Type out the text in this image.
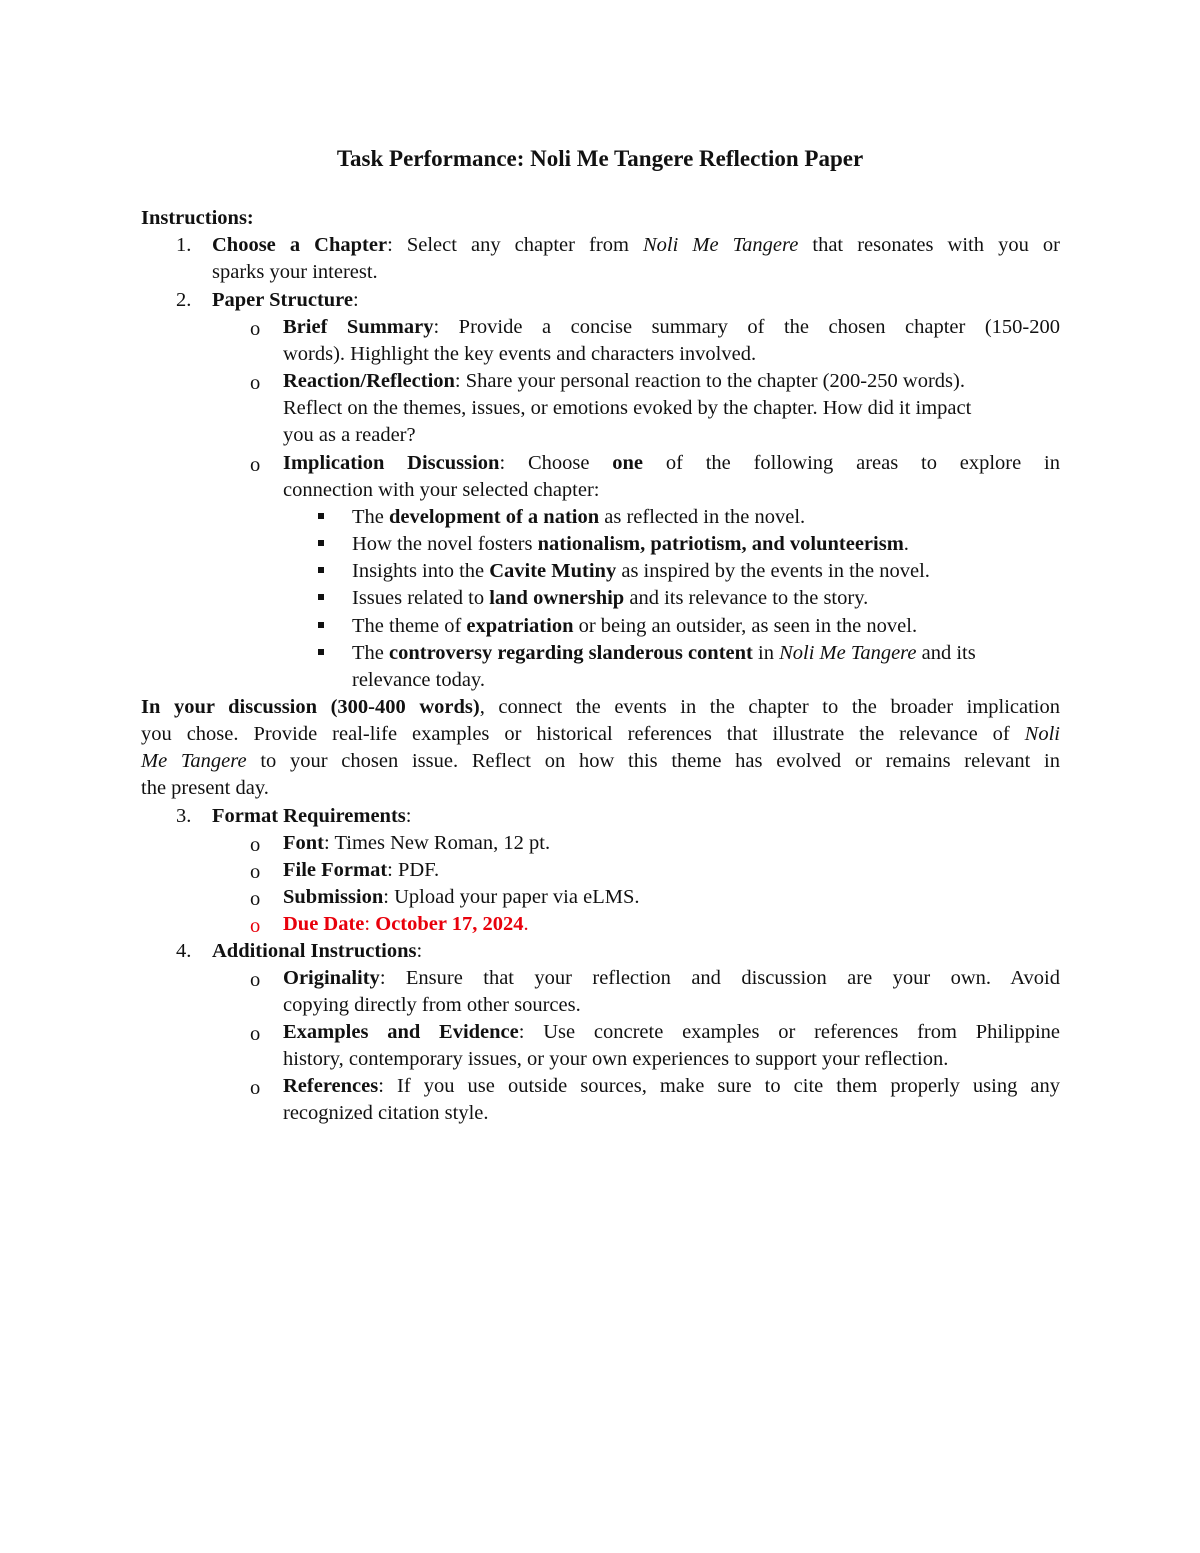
Task Performance: Noli Me Tangere Reflection Paper
Instructions:
1. Choose a Chapter: Select any chapter from Noli Me Tangere that resonates with you or
sparks your interest.
2. Paper Structure:
o Brief Summary: Provide a concise summary of the chosen chapter (150-200
words). Highlight the key events and characters involved.
o Reaction/Reflection: Share your personal reaction to the chapter (200-250 words).
Reflect on the themes, issues, or emotions evoked by the chapter. How did it impact
you as a reader?
o Implication Discussion: Choose one of the following areas to explore in
connection with your selected chapter:
The development of a nation as reflected in the novel.
How the novel fosters nationalism, patriotism, and volunteerism.
Insights into the Cavite Mutiny as inspired by the events in the novel.
Issues related to land ownership and its relevance to the story.
The theme of expatriation or being an outsider, as seen in the novel.
The controversy regarding slanderous content in Noli Me Tangere and its
relevance today.
In your discussion (300-400 words), connect the events in the chapter to the broader implication
you chose. Provide real-life examples or historical references that illustrate the relevance of Noli
Me Tangere to your chosen issue. Reflect on how this theme has evolved or remains relevant in
the present day.
3. Format Requirements:
o Font: Times New Roman, 12 pt.
o File Format: PDF.
o Submission: Upload your paper via eLMS.
o Due Date: October 17, 2024.
4. Additional Instructions:
o Originality: Ensure that your reflection and discussion are your own. Avoid
copying directly from other sources.
o Examples and Evidence: Use concrete examples or references from Philippine
history, contemporary issues, or your own experiences to support your reflection.
o References: If you use outside sources, make sure to cite them properly using any
recognized citation style.
